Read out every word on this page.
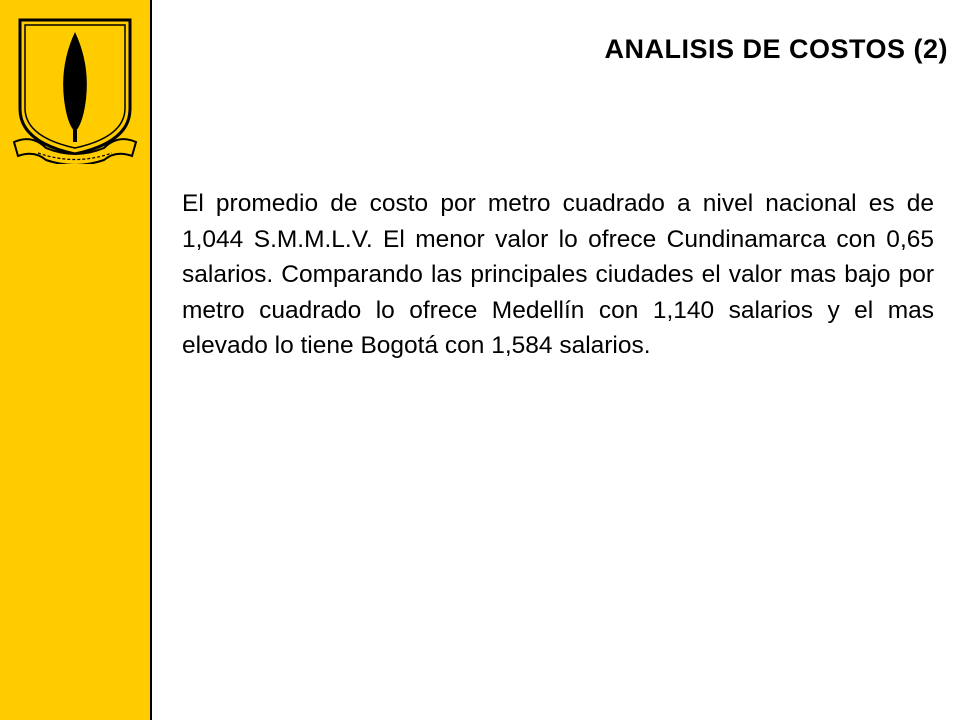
ANALISIS DE COSTOS (2)
El promedio de costo por metro cuadrado a nivel nacional es de 1,044 S.M.M.L.V. El menor valor lo ofrece Cundinamarca con 0,65 salarios. Comparando las principales ciudades el valor mas bajo por metro cuadrado lo ofrece Medellín con 1,140 salarios y el mas elevado lo tiene Bogotá con 1,584 salarios.
